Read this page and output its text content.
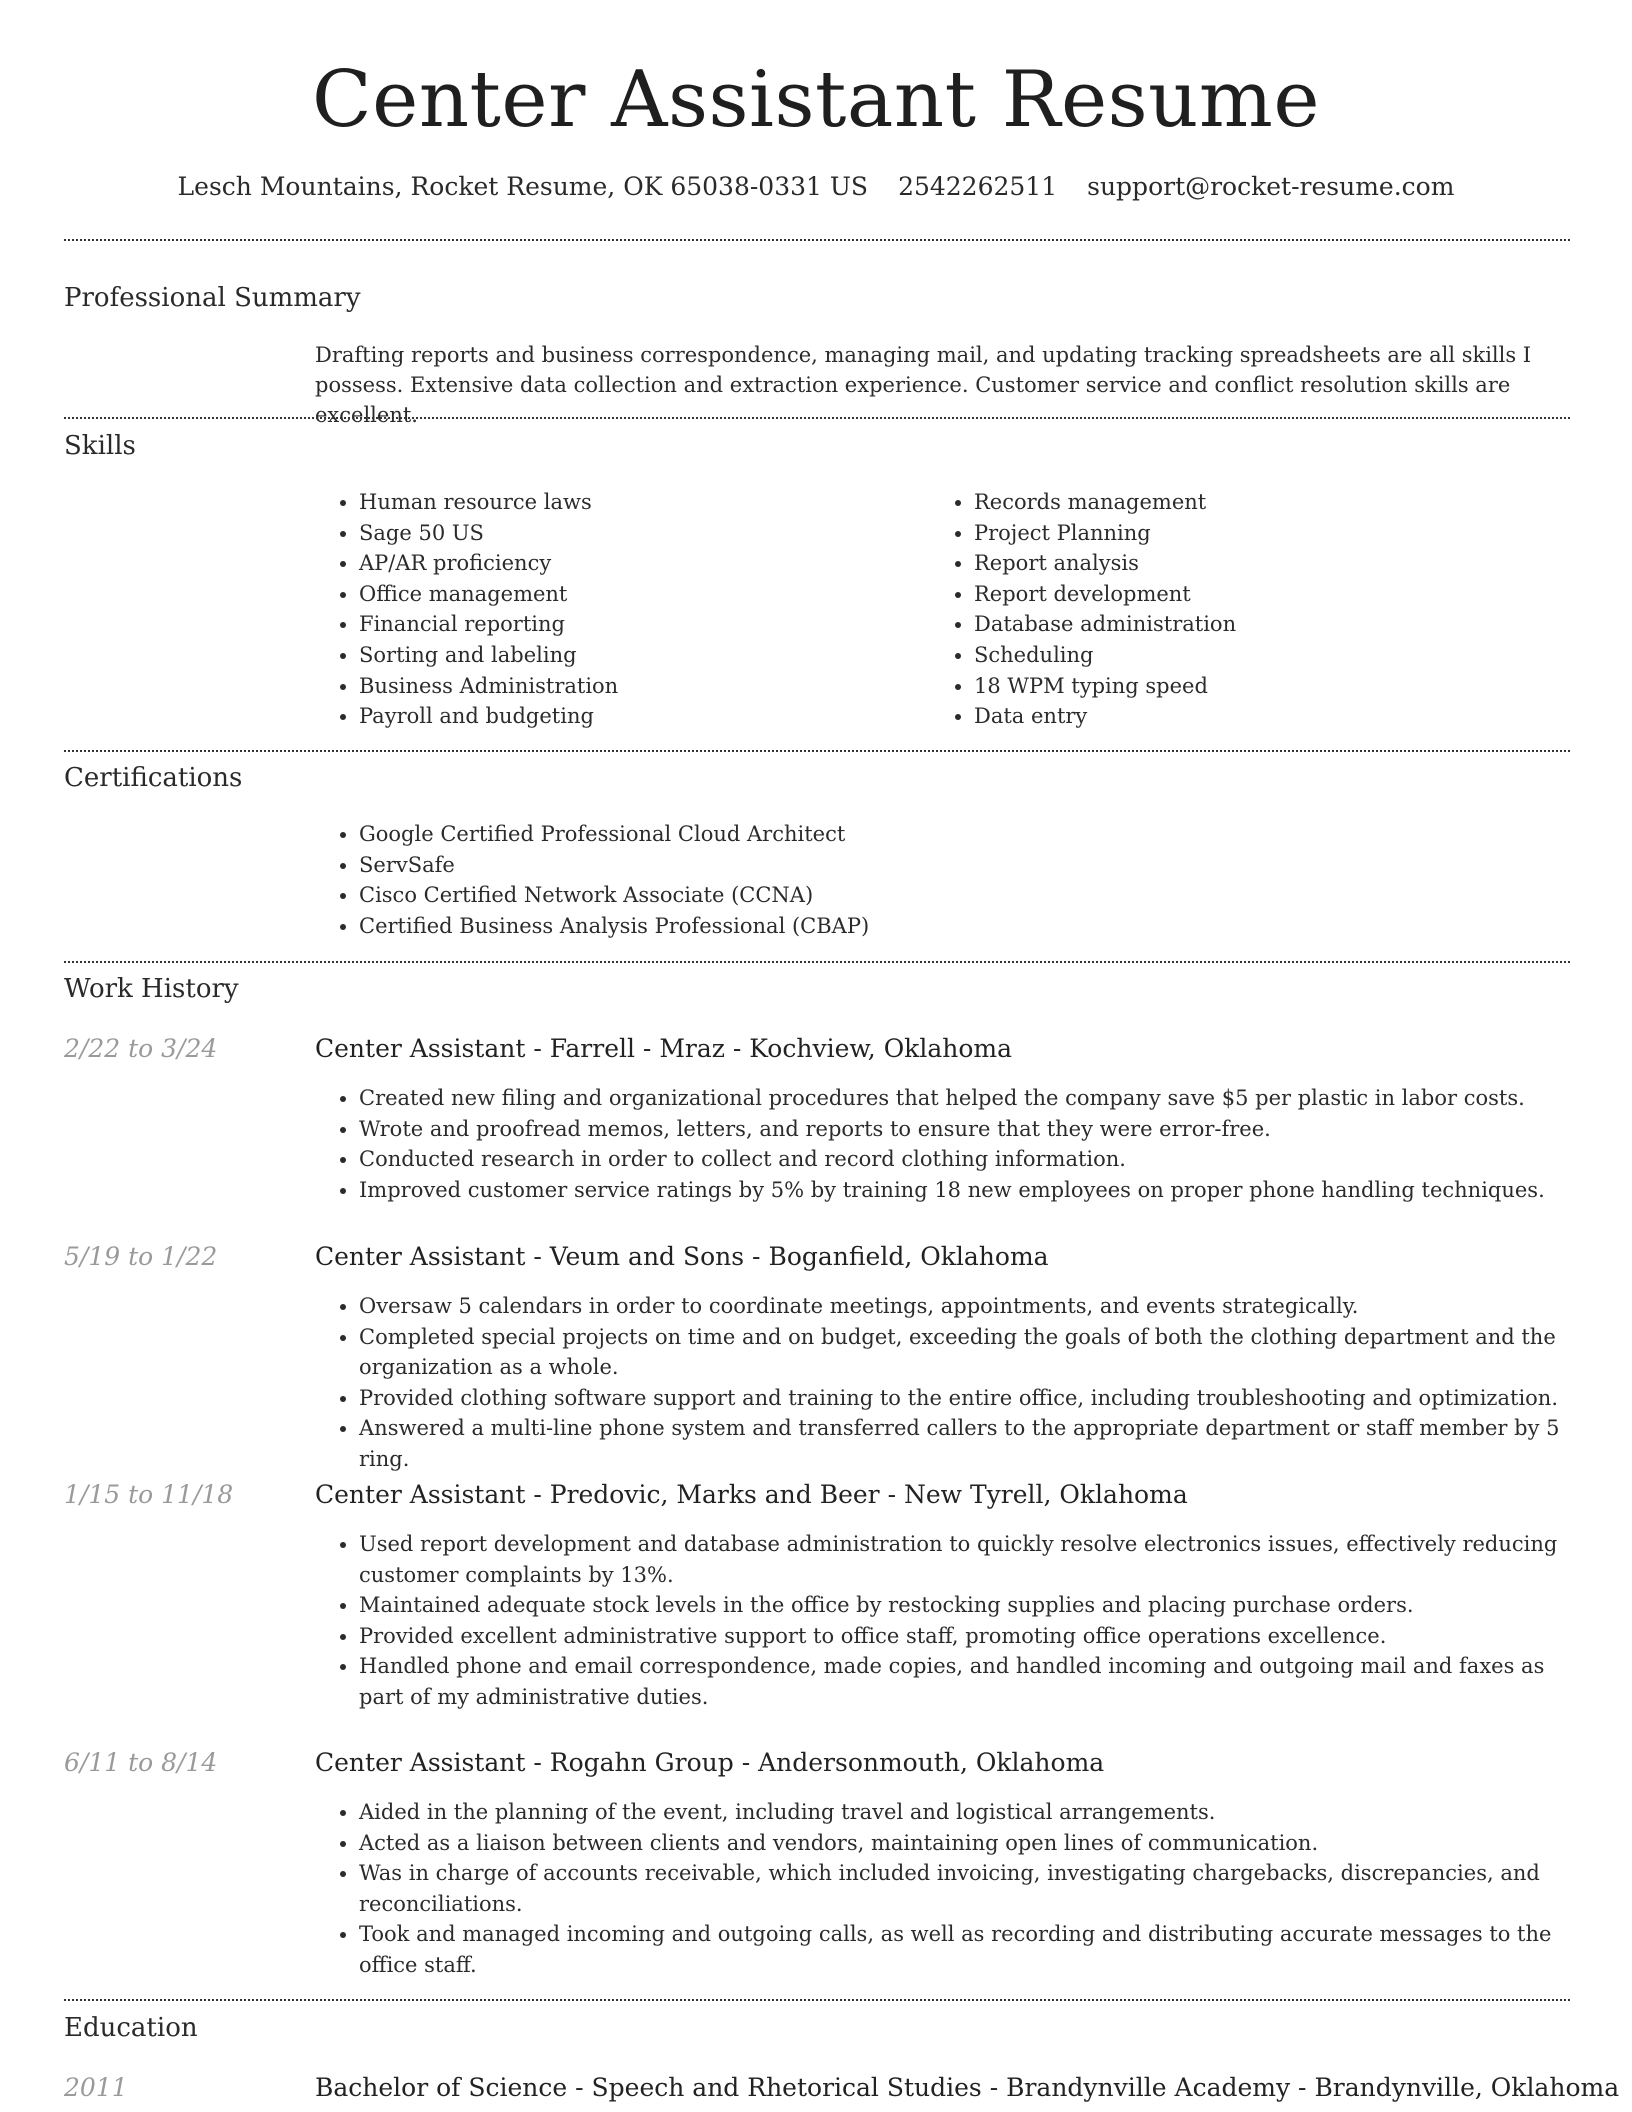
Center Assistant Resume
Lesch Mountains, Rocket Resume, OK 65038-0331 US 2542262511 support@rocket-resume.com
Professional Summary
Drafting reports and business correspondence, managing mail, and updating tracking spreadsheets are all skills I possess. Extensive data collection and extraction experience. Customer service and conflict resolution skills are excellent.
Skills
• Human resource laws
• Sage 50 US
• AP/AR proficiency
• Office management
• Financial reporting
• Sorting and labeling
• Business Administration
• Payroll and budgeting
• Records management
• Project Planning
• Report analysis
• Report development
• Database administration
• Scheduling
• 18 WPM typing speed
• Data entry
Certifications
• Google Certified Professional Cloud Architect
• ServSafe
• Cisco Certified Network Associate (CCNA)
• Certified Business Analysis Professional (CBAP)
Work History
2/22 to 3/24	Center Assistant - Farrell - Mraz - Kochview, Oklahoma
• Created new filing and organizational procedures that helped the company save $5 per plastic in labor costs.
• Wrote and proofread memos, letters, and reports to ensure that they were error-free.
• Conducted research in order to collect and record clothing information.
• Improved customer service ratings by 5% by training 18 new employees on proper phone handling techniques.
5/19 to 1/22	Center Assistant - Veum and Sons - Boganfield, Oklahoma
• Oversaw 5 calendars in order to coordinate meetings, appointments, and events strategically.
• Completed special projects on time and on budget, exceeding the goals of both the clothing department and the organization as a whole.
• Provided clothing software support and training to the entire office, including troubleshooting and optimization.
• Answered a multi-line phone system and transferred callers to the appropriate department or staff member by 5 ring.
1/15 to 11/18	Center Assistant - Predovic, Marks and Beer - New Tyrell, Oklahoma
• Used report development and database administration to quickly resolve electronics issues, effectively reducing customer complaints by 13%.
• Maintained adequate stock levels in the office by restocking supplies and placing purchase orders.
• Provided excellent administrative support to office staff, promoting office operations excellence.
• Handled phone and email correspondence, made copies, and handled incoming and outgoing mail and faxes as part of my administrative duties.
6/11 to 8/14	Center Assistant - Rogahn Group - Andersonmouth, Oklahoma
• Aided in the planning of the event, including travel and logistical arrangements.
• Acted as a liaison between clients and vendors, maintaining open lines of communication.
• Was in charge of accounts receivable, which included invoicing, investigating chargebacks, discrepancies, and reconciliations.
• Took and managed incoming and outgoing calls, as well as recording and distributing accurate messages to the office staff.
Education
2011	Bachelor of Science - Speech and Rhetorical Studies - Brandynville Academy - Brandynville, Oklahoma
